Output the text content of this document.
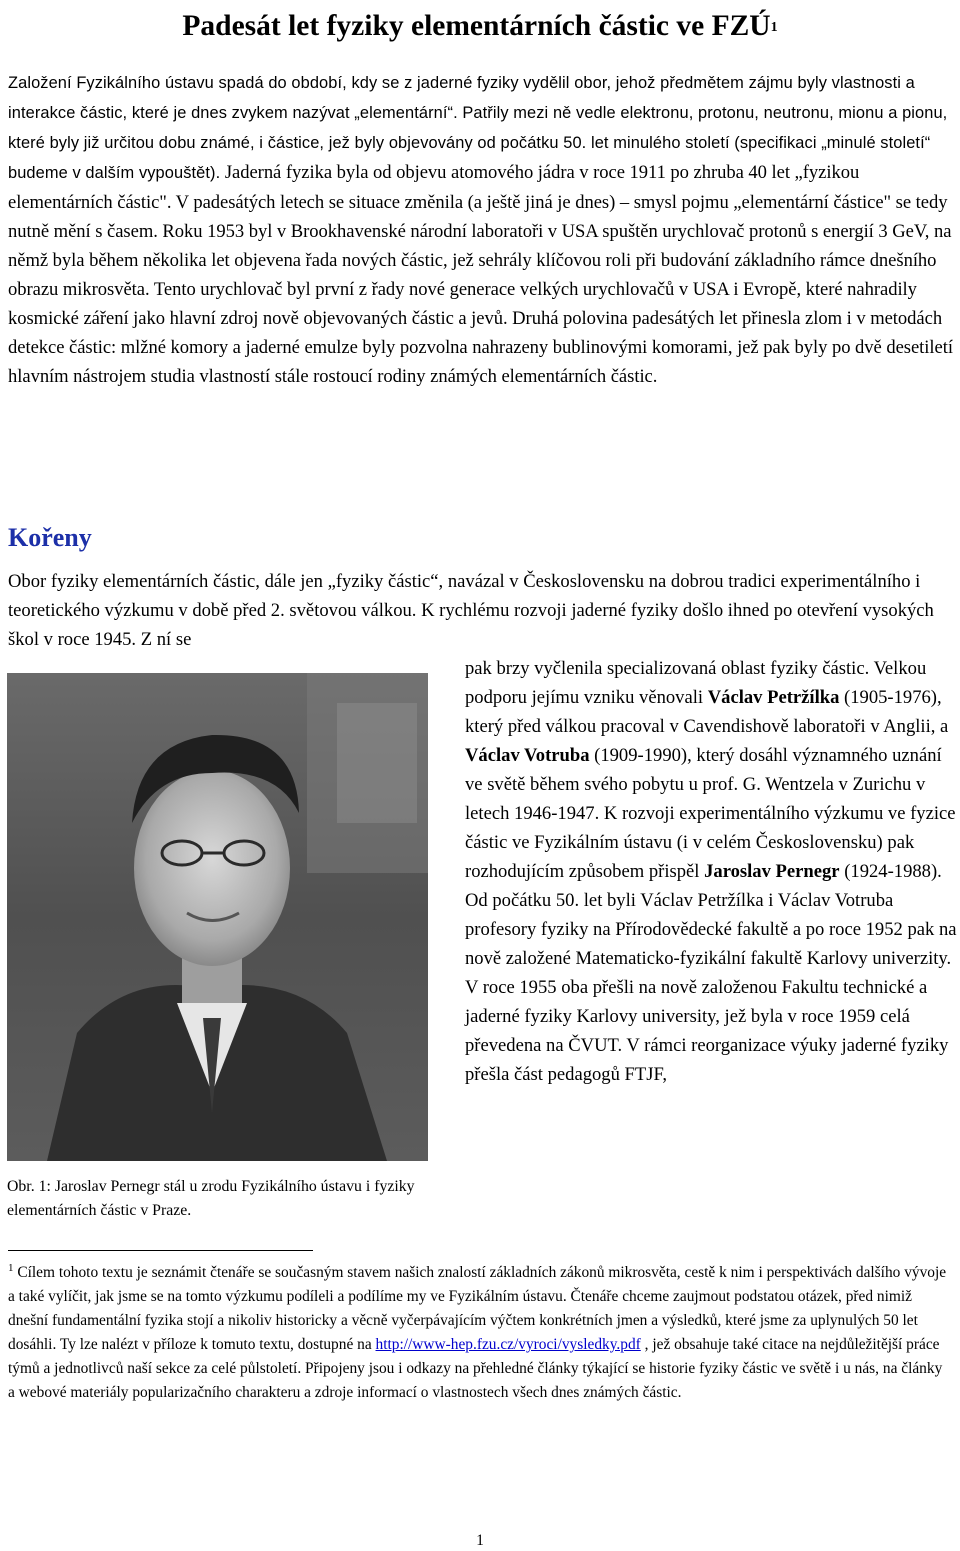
Padesát let fyziky elementárních částic ve FZÚ$^1$

Založení Fyzikálního ústavu spadá do období, kdy se z jaderné fyziky vydělil obor, jehož předmětem zájmu byly vlastnosti a interakce částic, které je dnes zvykem nazývat „elementární“. Patřily mezi ně vedle elektronu, protonu, neutronu, mionu a pionu, které byly již určitou dobu známé, i částice, jež byly objevovány od počátku 50. let minulého století (specifikaci „minulé století“ budeme v dalším vypouštět). Jaderná fyzika byla od objevu atomového jádra v roce 1911 po zhruba 40 let „fyzikou elementárních částic". V padesátých letech se situace změnila (a ještě jiná je dnes) – smysl pojmu „elementární částice" se tedy nutně mění s časem. Roku 1953 byl v Brookhavenské národní laboratoři v USA spuštěn urychlovač protonů s energií 3 GeV, na němž byla během několika let objevena řada nových částic, jež sehrály klíčovou roli při budování základního rámce dnešního obrazu mikrosvěta. Tento urychlovač byl první z řady nové generace velkých urychlovačů v USA i Evropě, které nahradily kosmické záření jako hlavní zdroj nově objevovaných částic a jevů. Druhá polovina padesátých let přinesla zlom i v metodách detekce částic: mlžné komory a jaderné emulze byly pozvolna nahrazeny bublinovými komorami, jež pak byly po dvě desetiletí hlavním nástrojem studia vlastností stále rostoucí rodiny známých elementárních částic.

Kořeny

Obor fyziky elementárních částic, dále jen „fyziky částic“, navázal v Československu na dobrou tradici experimentálního i teoretického výzkumu v době před 2. světovou válkou. K rychlému rozvoji jaderné fyziky došlo ihned po otevření vysokých škol v roce 1945. Z ní se

Obr. 1: Jaroslav Pernegr stál u zrodu Fyzikálního ústavu i fyziky elementárních částic v Praze.

pak brzy vyčlenila specializovaná oblast fyziky částic. Velkou podporu jejímu vzniku věnovali Václav Petržílka (1905-1976), který před válkou pracoval v Cavendishově laboratoři v Anglii, a Václav Votruba (1909-1990), který dosáhl významného uznání ve světě během svého pobytu u prof. G. Wentzela v Zurichu v letech 1946-1947. K rozvoji experimentálního výzkumu ve fyzice částic ve Fyzikálním ústavu (i v celém Československu) pak rozhodujícím způsobem přispěl Jaroslav Pernegr (1924-1988). Od počátku 50. let byli Václav Petržílka i Václav Votruba profesory fyziky na Přírodovědecké fakultě a po roce 1952 pak na nově založené Matematicko-fyzikální fakultě Karlovy univerzity. V roce 1955 oba přešli na nově založenou Fakultu technické a jaderné fyziky Karlovy university, jež byla v roce 1959 celá převedena na ČVUT. V rámci reorganizace výuky jaderné fyziky přešla část pedagogů FTJF,

$^1$ Cílem tohoto textu je seznámit čtenáře se současným stavem našich znalostí základních zákonů mikrosvěta, cestě k nim i perspektivách dalšího vývoje a také vylíčit, jak jsme se na tomto výzkumu podíleli a podílíme my ve Fyzikálním ústavu. Čtenáře chceme zaujmout podstatou otázek, před nimiž dnešní fundamentální fyzika stojí a nikoliv historicky a věcně vyčerpávajícím výčtem konkrétních jmen a výsledků, které jsme za uplynulých 50 let dosáhli. Ty lze nalézt v příloze k tomuto textu, dostupné na http://www-hep.fzu.cz/vyroci/vysledky.pdf , jež obsahuje také citace na nejdůležitější práce týmů a jednotlivců naší sekce za celé půlstoletí. Připojeny jsou i odkazy na přehledné články týkající se historie fyziky částic ve světě i u nás, na články a webové materiály popularizačního charakteru a zdroje informací o vlastnostech všech dnes známých částic.

1
